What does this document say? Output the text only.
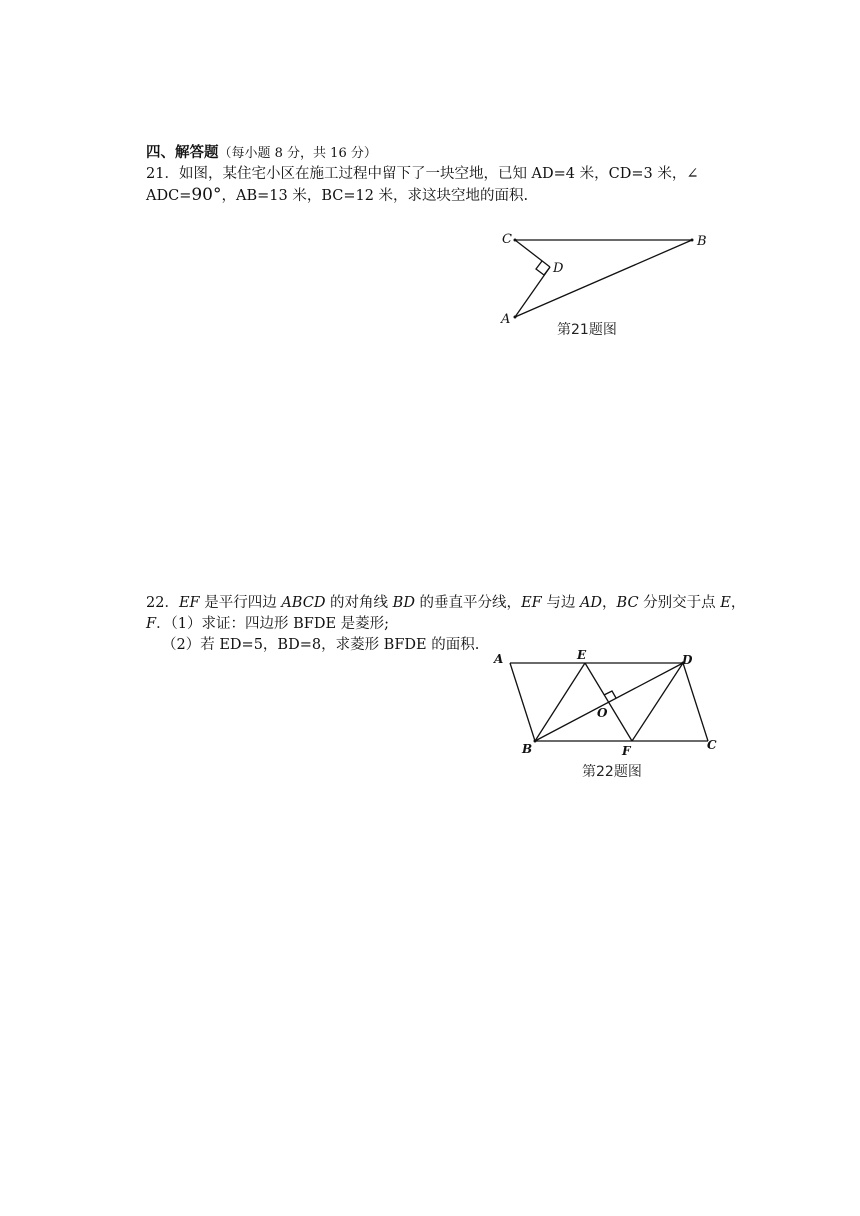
四、解答题（每小题 8 分，共 16 分）
21．如图，某住宅小区在施工过程中留下了一块空地，已知 AD=4 米，CD=3 米，∠
ADC=90°，AB=13 米，BC=12 米，求这块空地的面积.
C	B
D
A
第21题图
22．EF 是平行四边 ABCD 的对角线 BD 的垂直平分线，EF 与边 AD，BC 分别交于点 E，
F．（1）求证：四边形 BFDE 是菱形;
（2）若 ED=5，BD=8，求菱形 BFDE 的面积.
A	E	D
O
B	F	C
第22题图
